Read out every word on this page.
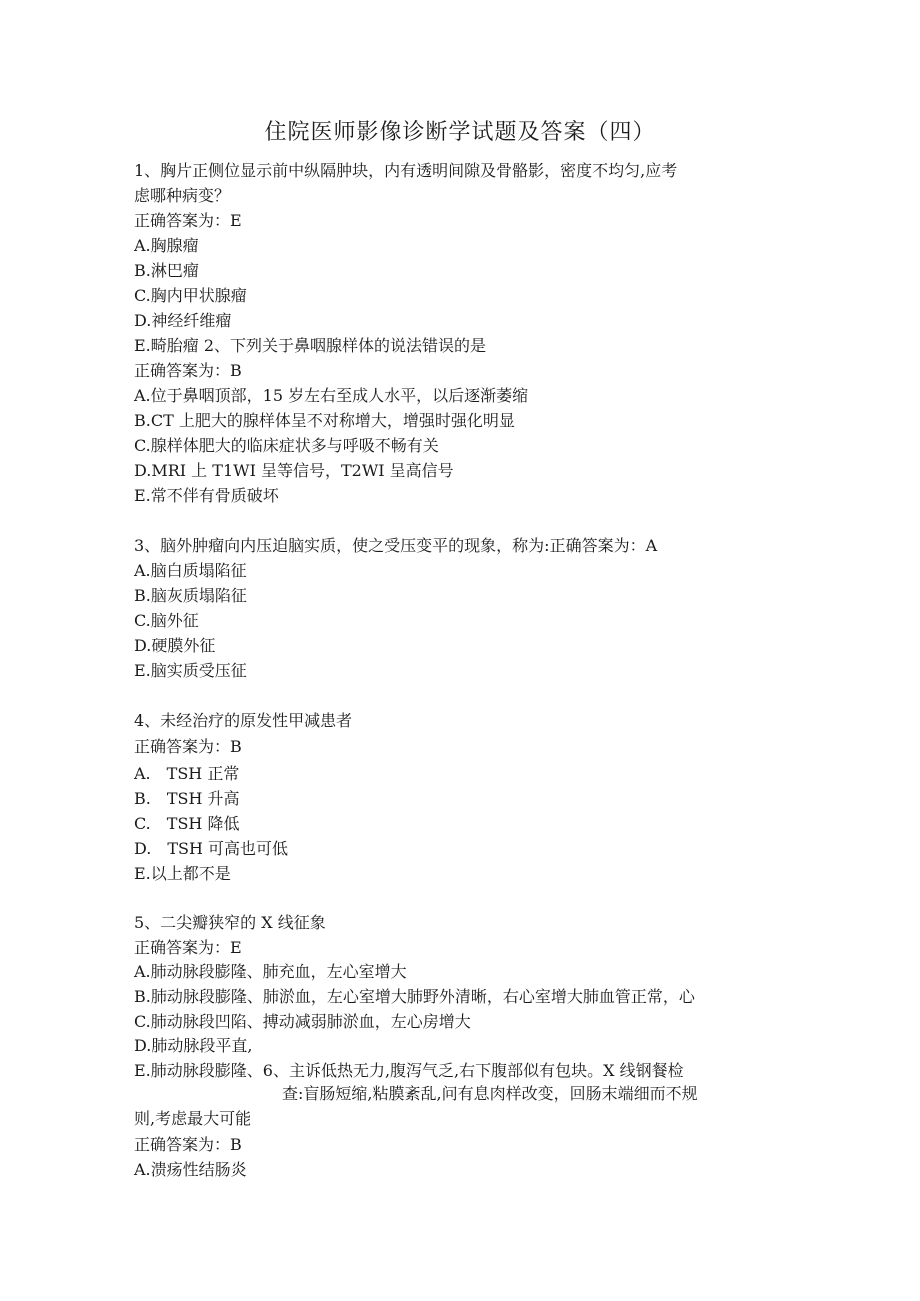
住院医师影像诊断学试题及答案（四）
1、胸片正侧位显示前中纵隔肿块，内有透明间隙及骨骼影，密度不均匀,应考
虑哪种病变？
正确答案为：E
A.胸腺瘤
B.淋巴瘤
C.胸内甲状腺瘤
D.神经纤维瘤
E.畸胎瘤 2、下列关于鼻咽腺样体的说法错误的是
正确答案为：B
A.位于鼻咽顶部，15 岁左右至成人水平，以后逐渐萎缩
B.CT 上肥大的腺样体呈不对称增大，增强时强化明显
C.腺样体肥大的临床症状多与呼吸不畅有关
D.MRI 上 T1WI 呈等信号，T2WI 呈高信号
E.常不伴有骨质破坏
3、脑外肿瘤向内压迫脑实质，使之受压变平的现象，称为:正确答案为：A
A.脑白质塌陷征
B.脑灰质塌陷征
C.脑外征
D.硬膜外征
E.脑实质受压征
4、未经治疗的原发性甲减患者
正确答案为：B
A. TSH 正常
B. TSH 升高
C. TSH 降低
D. TSH 可高也可低
E.以上都不是
5、二尖瓣狭窄的 X 线征象
正确答案为：E
A.肺动脉段膨隆、肺充血，左心室增大
B.肺动脉段膨隆、肺淤血，左心室增大肺野外清晰，右心室增大肺血管正常，心
C.肺动脉段凹陷、搏动减弱肺淤血，左心房增大
D.肺动脉段平直,
E.肺动脉段膨隆、6、主诉低热无力,腹泻气乏,右下腹部似有包块。X 线钢餐检
查:盲肠短缩,粘膜紊乱,问有息肉样改变，回肠末端细而不规
则,考虑最大可能
正确答案为：B
A.溃疡性结肠炎
